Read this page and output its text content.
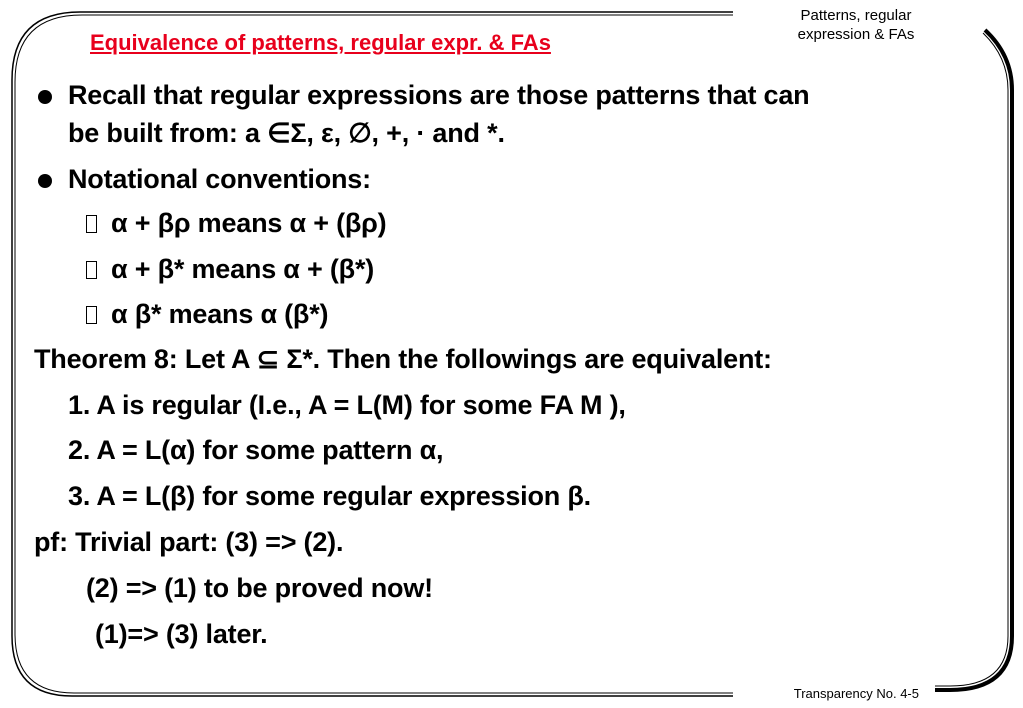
Patterns, regular expression & FAs
Equivalence of patterns, regular expr. & FAs
Recall that regular expressions are those patterns that can
be built from: a ∈Σ, ε, ∅, +, · and *.
Notational conventions:
α + βρ means α + (βρ)
α + β* means α + (β*)
α β* means α (β*)
Theorem 8: Let A ⊆ Σ*. Then the followings are equivalent:
1. A is regular (I.e., A = L(M) for some FA M ),
2. A = L(α) for some pattern α,
3. A = L(β) for some regular expression β.
pf: Trivial part: (3) => (2).
(2) => (1) to be proved now!
(1)=> (3) later.
Transparency No. 4-5
